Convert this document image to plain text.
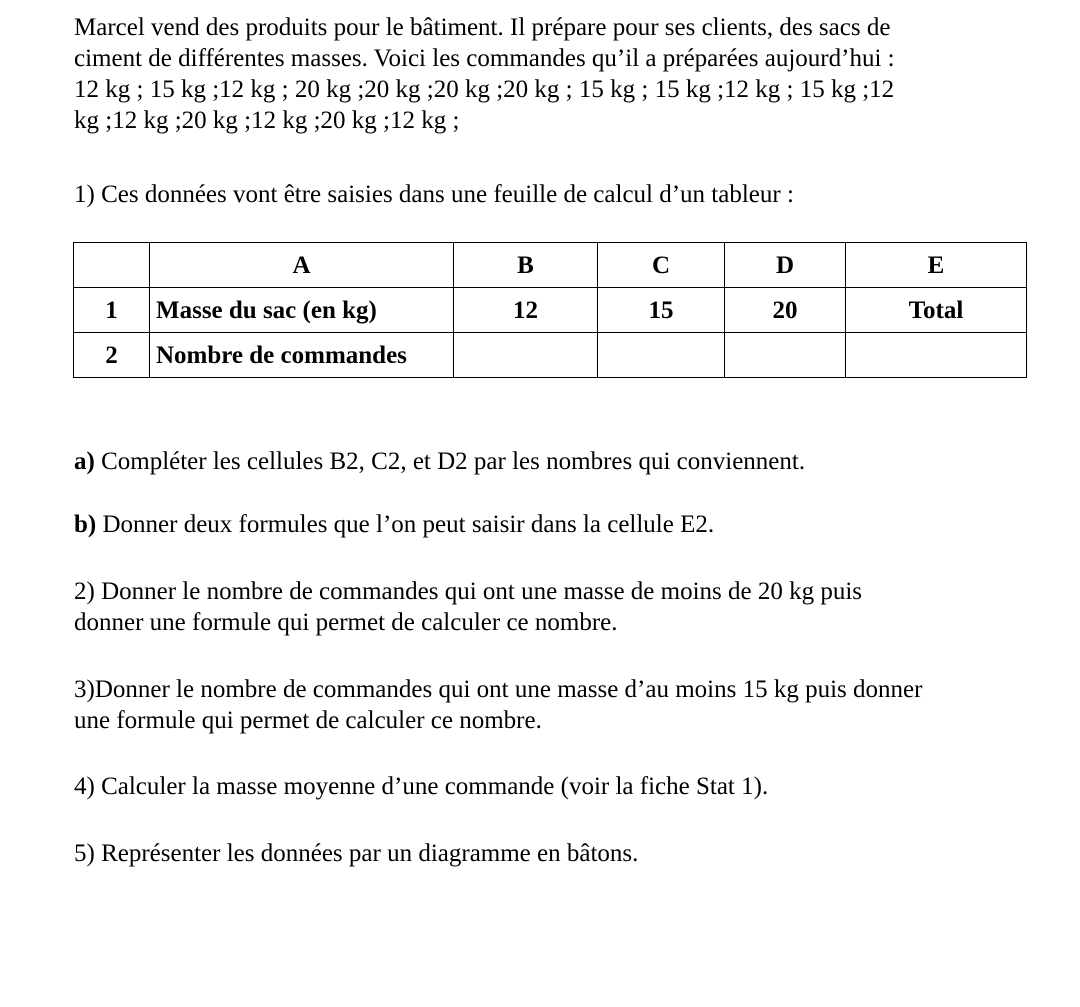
Marcel vend des produits pour le bâtiment. Il prépare pour ses clients, des sacs de

ciment de différentes masses. Voici les commandes qu’il a préparées aujourd’hui :

12 kg ; 15 kg ;12 kg ; 20 kg ;20 kg ;20 kg ;20 kg ; 15 kg ; 15 kg ;12 kg ; 15 kg ;12

kg ;12 kg ;20 kg ;12 kg ;20 kg ;12 kg ;

1) Ces données vont être saisies dans une feuille de calcul d’un tableur :

	A	B	C	D	E
1	Masse du sac (en kg)	12	15	20	Total
2	Nombre de commandes				

a) Compléter les cellules B2, C2, et D2 par les nombres qui conviennent.

b) Donner deux formules que l’on peut saisir dans la cellule E2.

2) Donner le nombre de commandes qui ont une masse de moins de 20 kg puis

donner une formule qui permet de calculer ce nombre.

3)Donner le nombre de commandes qui ont une masse d’au moins 15 kg puis donner

une formule qui permet de calculer ce nombre.

4) Calculer la masse moyenne d’une commande (voir la fiche Stat 1).

5) Représenter les données par un diagramme en bâtons.
